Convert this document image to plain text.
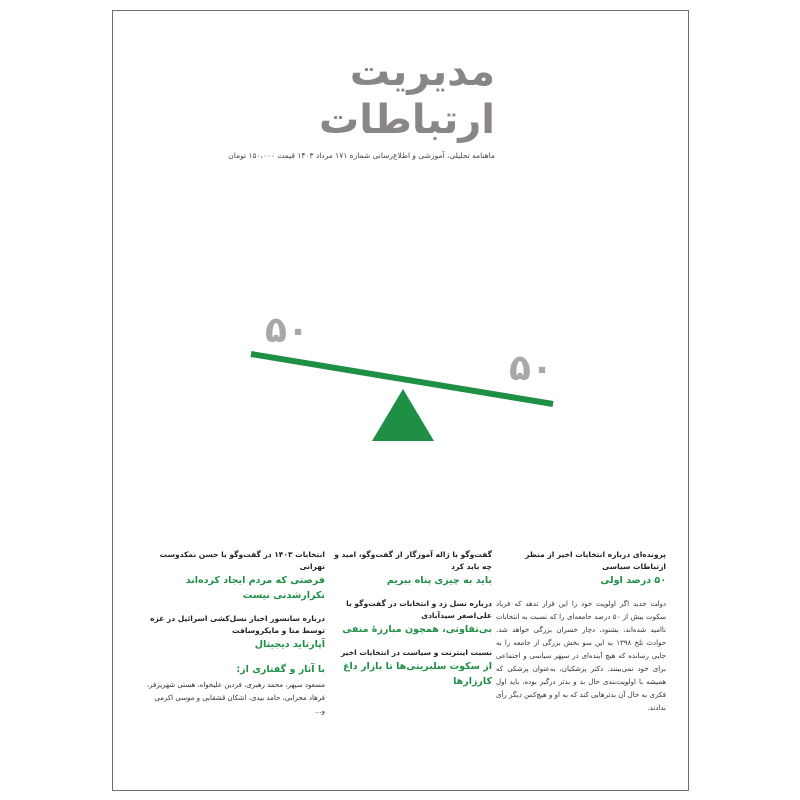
مدیریت
ارتباطات
ماهنامه تحلیلی، آموزشی و اطلاع‌رسانی شماره ۱۷۱ مرداد ۱۴۰۳ قیمت ۱۵۰،۰۰۰ تومان
۵۰
۵۰
پرونده‌ای درباره انتخابات اخیر از منظر ارتباطات سیاسی
۵۰ درصد اولی
دولت جدید اگر اولویت خود را این قرار ندهد که فریاد سکوت بیش از ۵۰ درصد جامعه‌ای را که نسبت به انتخابات ناامید شده‌اند، بشنود، دچار خسران بزرگی خواهد شد. حوادث تلخ ۱۳۹۸ به این سو بخش بزرگی از جامعه را به جایی رسانده که هیچ آینده‌ای در سپهر سیاسی و اجتماعی برای خود نمی‌بینند. دکتر پزشکیان، به‌عنوان پزشکی که همیشه با اولویت‌بندی حال بد و بدتر درگیر بوده، باید اول فکری به حال آن بدترهایی کند که به او و هیچ‌کس دیگر رأی ندادند.
گفت‌وگو با ژاله آموزگار از گفت‌وگو، امید و چه باید کرد
باید به چیزی پناه ببریم
درباره نسل زد و انتخابات در گفت‌وگو با علی‌اصغر سیدآبادی
بی‌تفاوتی، همچون مبارزهٔ منفی
نسبت اینترنت و سیاست در انتخابات اخیر
از سکوت سلبریتی‌ها تا بازار داغ کارزارها
انتخابات ۱۴۰۳ در گفت‌وگو با حسن نمکدوست تهرانی
فرصتی که مردم ایجاد کرده‌اند تکرارشدنی نیست
درباره سانسور اخبار نسل‌کشی اسرائیل در غزه توسط متا و مایکروسافت
آپارتاید دیجیتال
با آثار و گفتاری از:
مسعود سپهر، محمد رهبری، فردین علیخواه، هستی شهریزفر، فرهاد محرابی، حامد بیدی، اشکان قشقایی و موسی اکرمی و...
